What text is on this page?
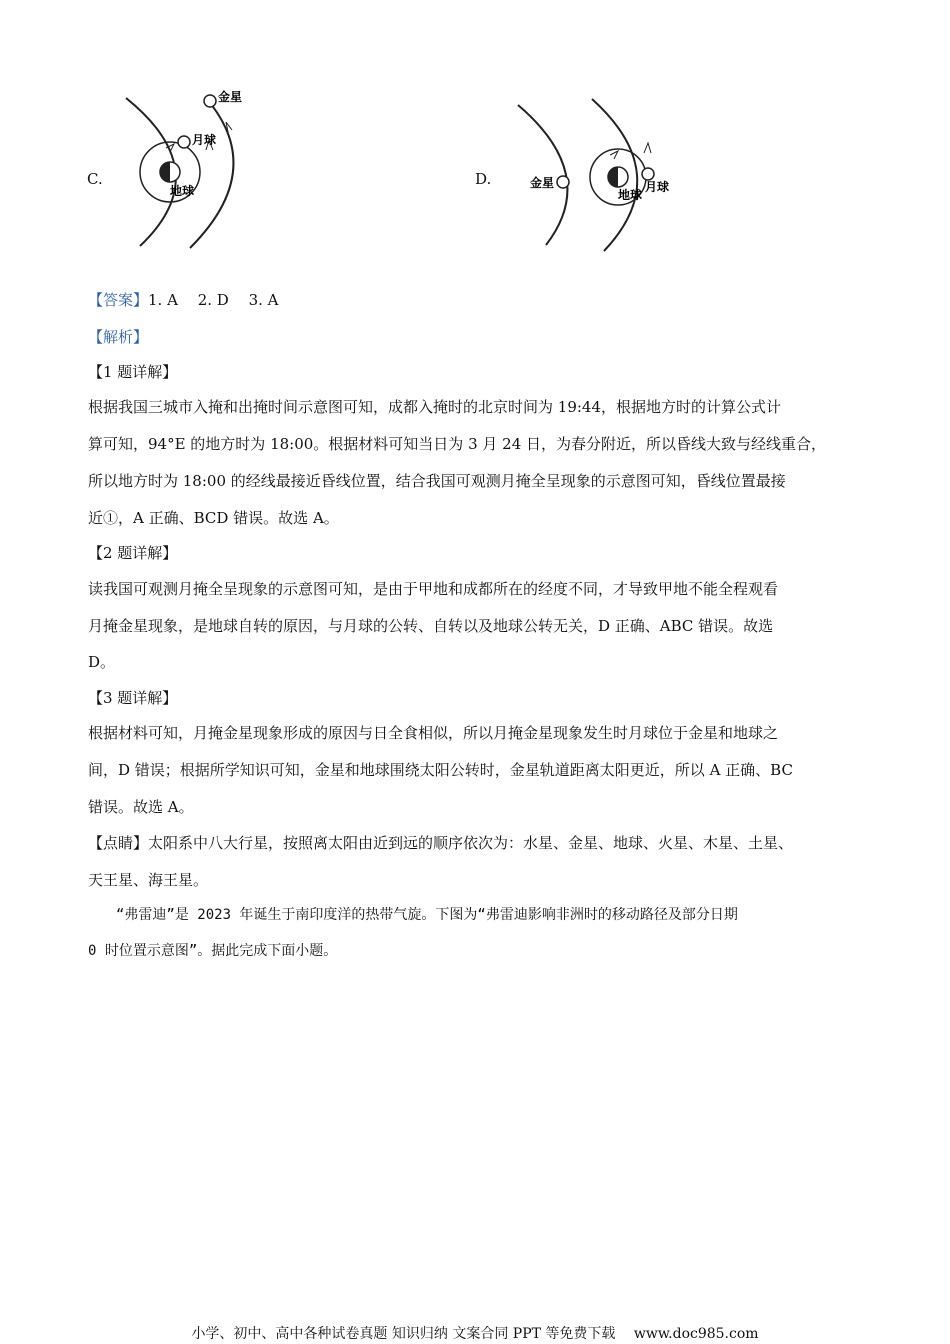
C.
金星
月球
地球
D.	金星	月球
地球
【答案】1. A　 2. D　 3. A
【解析】
【1 题详解】
根据我国三城市入掩和出掩时间示意图可知，成都入掩时的北京时间为 19:44，根据地方时的计算公式计
算可知，94°E 的地方时为 18:00。根据材料可知当日为 3 月 24 日，为春分附近，所以昏线大致与经线重合，
所以地方时为 18:00 的经线最接近昏线位置，结合我国可观测月掩全呈现象的示意图可知，昏线位置最接
近①，A 正确、BCD 错误。故选 A。
【2 题详解】
读我国可观测月掩全呈现象的示意图可知，是由于甲地和成都所在的经度不同，才导致甲地不能全程观看
月掩金星现象，是地球自转的原因，与月球的公转、自转以及地球公转无关，D 正确、ABC 错误。故选
D。
【3 题详解】
根据材料可知，月掩金星现象形成的原因与日全食相似，所以月掩金星现象发生时月球位于金星和地球之
间，D 错误；根据所学知识可知，金星和地球围绕太阳公转时，金星轨道距离太阳更近，所以 A 正确、BC
错误。故选 A。
【点睛】太阳系中八大行星，按照离太阳由近到远的顺序依次为：水星、金星、地球、火星、木星、土星、
天王星、海王星。
　　“弗雷迪”是 2023 年诞生于南印度洋的热带气旋。下图为“弗雷迪影响非洲时的移动路径及部分日期
0 时位置示意图”。据此完成下面小题。
小学、初中、高中各种试卷真题 知识归纳 文案合同 PPT 等免费下载　 www.doc985.com
